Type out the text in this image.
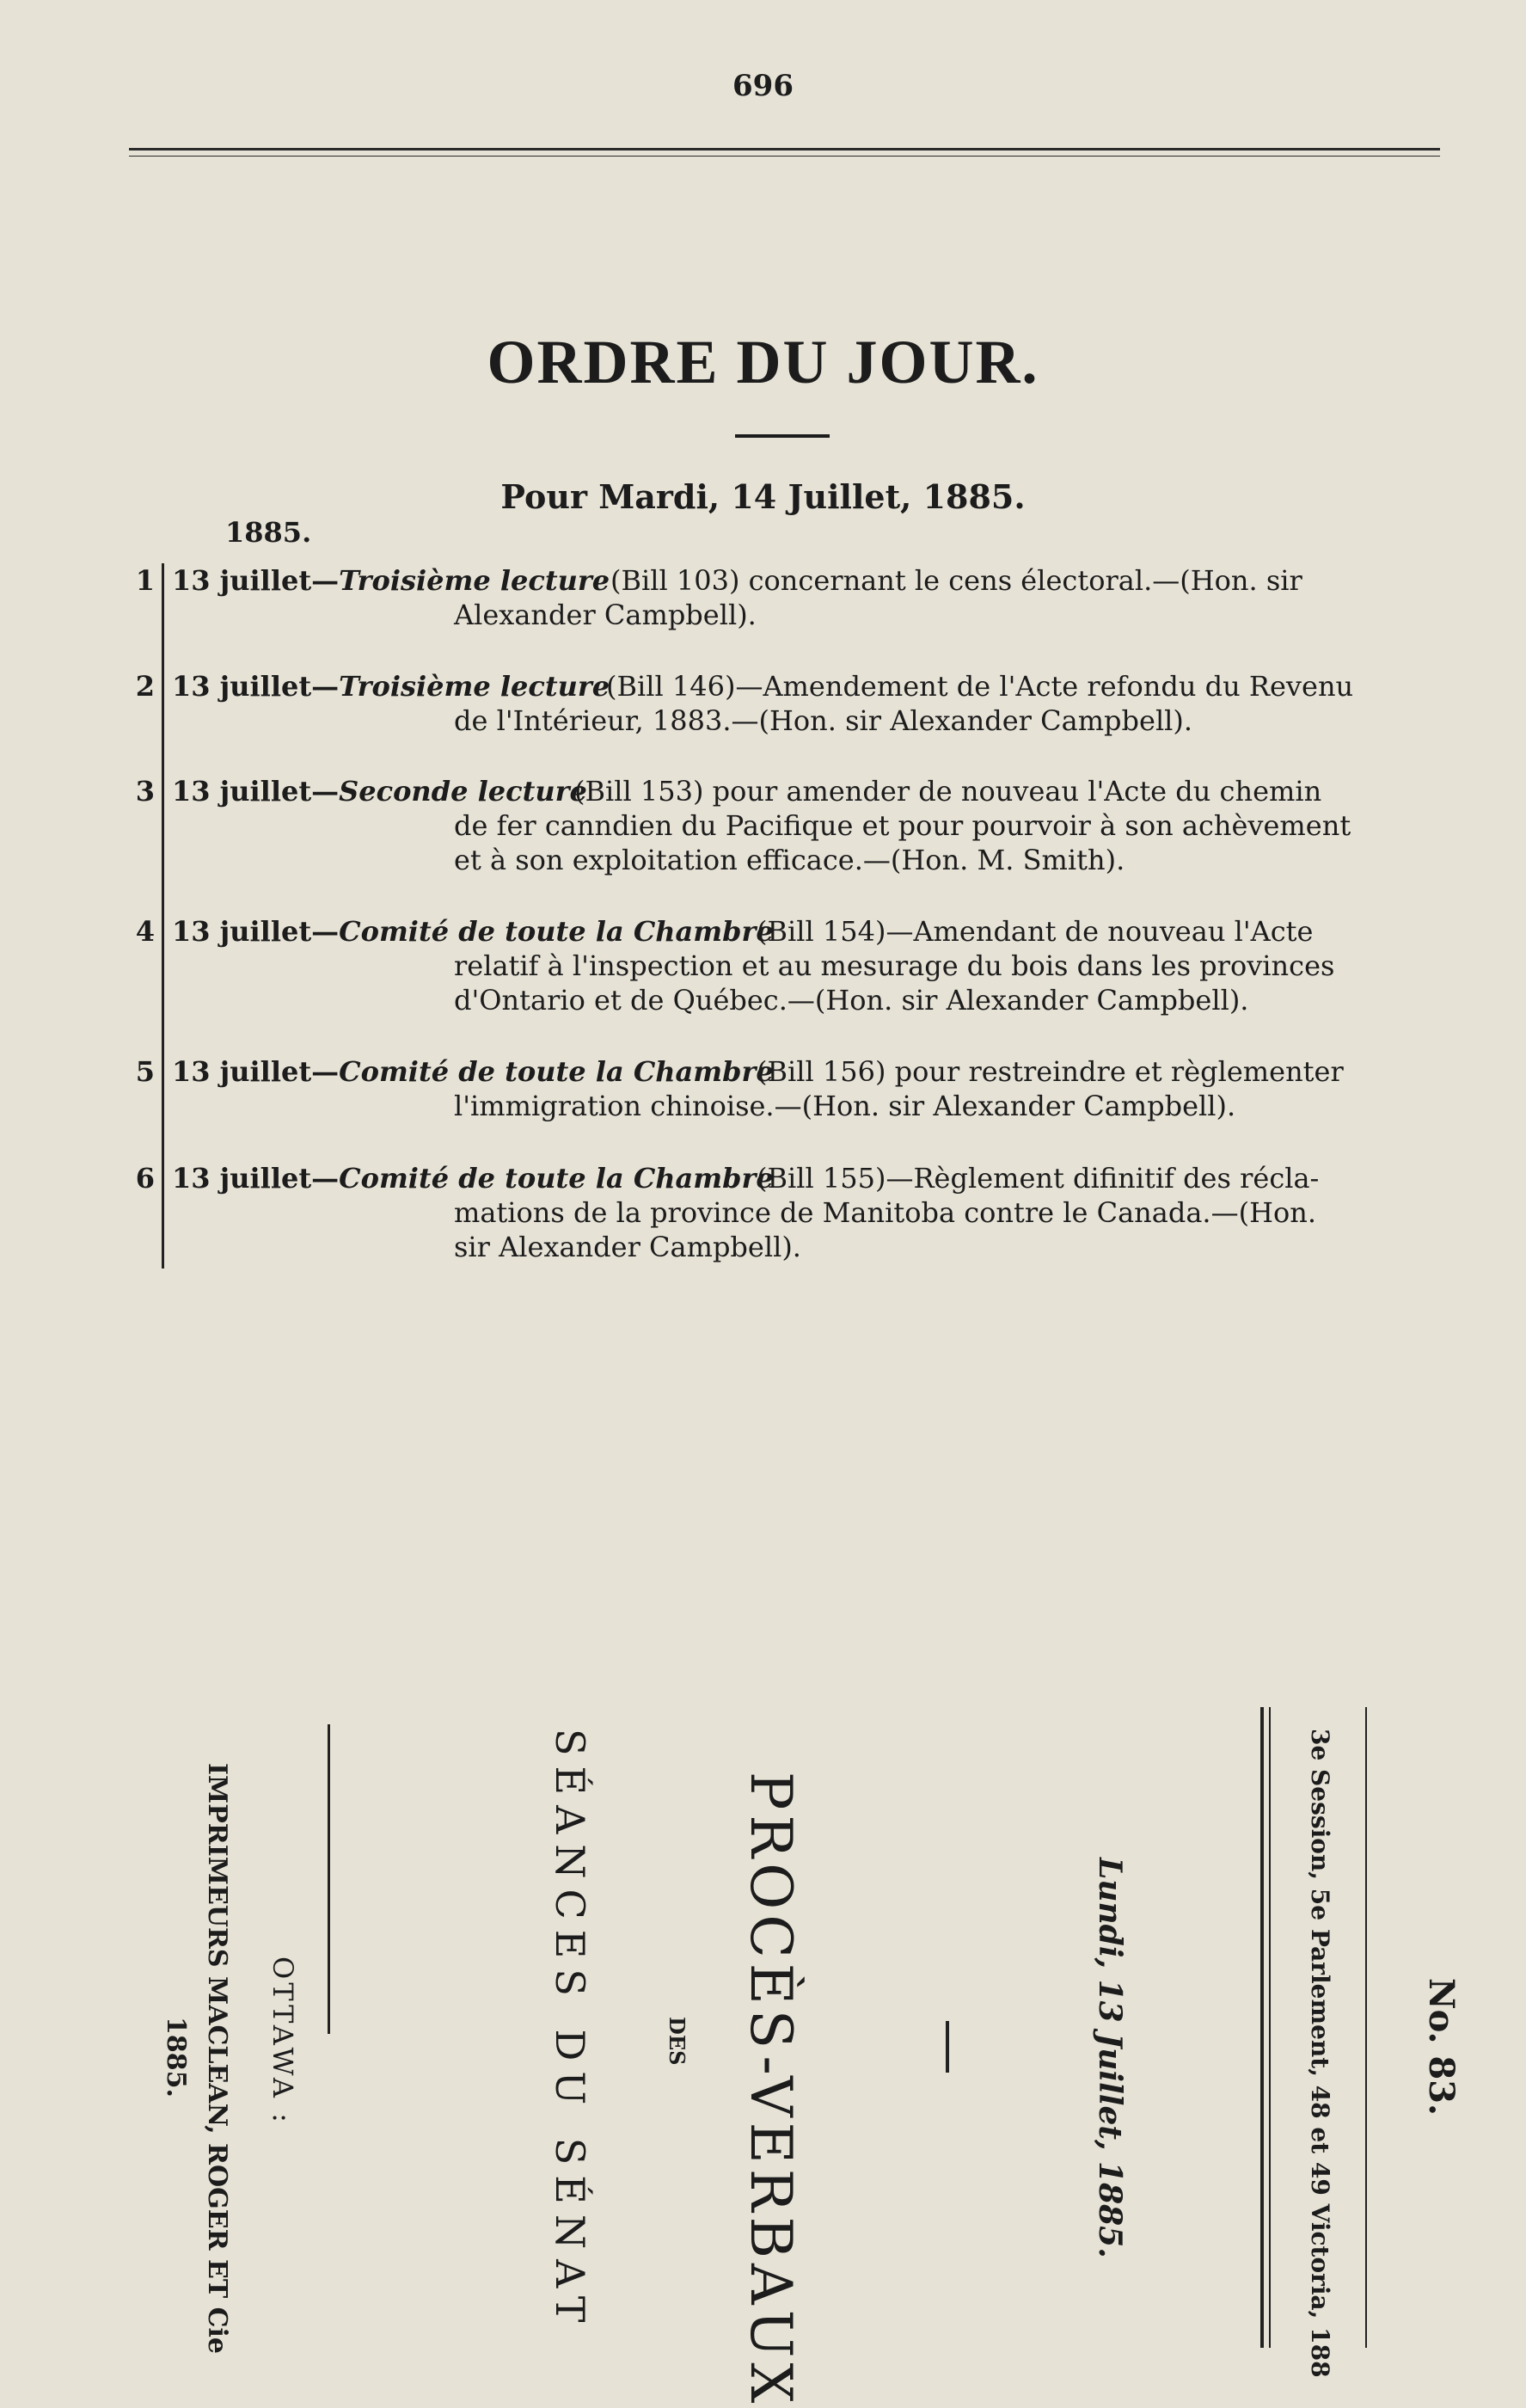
696
ORDRE DU JOUR.
Pour Mardi, 14 Juillet, 1885.
1885.
1 13 juillet—Troisième lecture (Bill 103) concernant le cens électoral.—(Hon. sir
Alexander Campbell).
2 13 juillet—Troisième lecture
(Bill 146)—Amendement de l'Acte refondu du Revenu
de l'Intérieur, 1883.—(Hon. sir Alexander Campbell).
3 13 juillet—Seconde lecture
(Bill 153) pour amender de nouveau l'Acte du chemin
de fer canndien du Pacifique et pour pourvoir à son achèvement
et à son exploitation efficace.—(Hon. M. Smith).
4 13 juillet—Comité de toute la Chambre
(Bill 154)—Amendant de nouveau l'Acte
relatif à l'inspection et au mesurage du bois dans les provinces
d'Ontario et de Québec.—(Hon. sir Alexander Campbell).
5 13 juillet—Comité de toute la Chambre
(Bill 156) pour restreindre et règlementer
l'immigration chinoise.—(Hon. sir Alexander Campbell).
6 13 juillet—Comité de toute la Chambre
(Bill 155)—Règlement difinitif des récla-
mations de la province de Manitoba contre le Canada.—(Hon.
sir Alexander Campbell).
No. 83.
3e Session, 5e Parlement, 48 et 49 Victoria, 188
Lundi, 13 Juillet, 1885.
PROCÈS-VERBAUX
DES
SÉANCES DU SÉNAT
OTTAWA :
IMPRIMEURS MACLEAN, ROGER ET Cie
1885.
